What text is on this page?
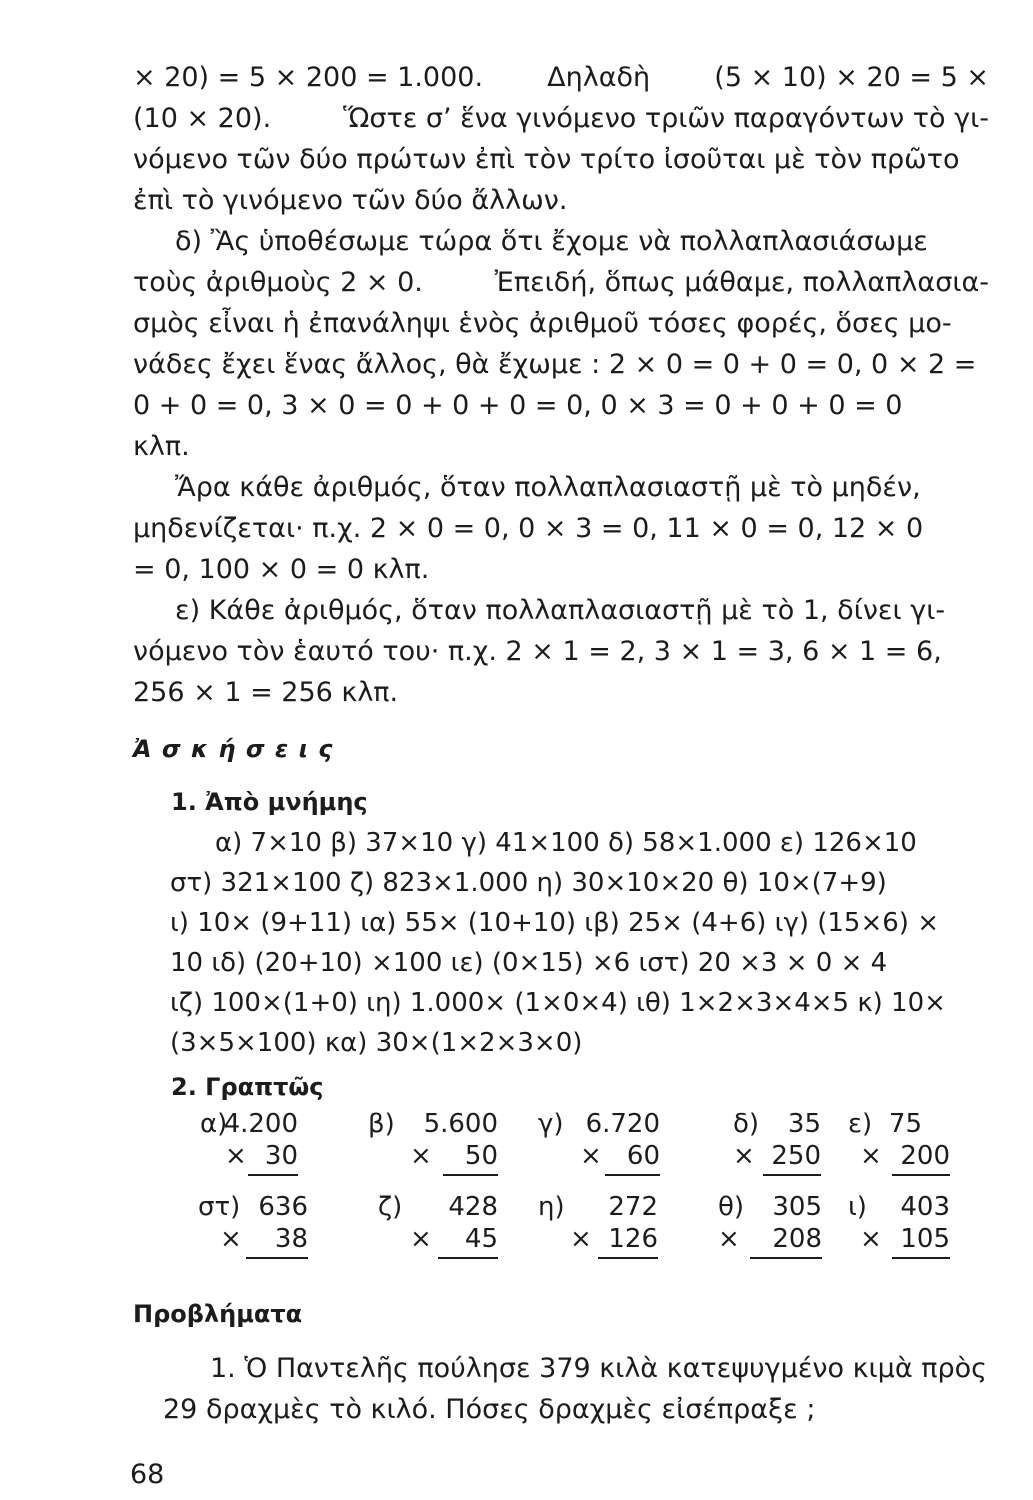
× 20) = 5 × 200 = 1.000. Δηλαδὴ (5 × 10) × 20 = 5 ×
(10 × 20).	Ὥστε σ’ ἕνα γινόμενο τριῶν παραγόντων τὸ γι-
νόμενο τῶν δύο πρώτων ἐπὶ τὸν τρίτο ἰσοῦται μὲ τὸν πρῶτο
ἐπὶ τὸ γινόμενο τῶν δύο ἄλλων.
δ) Ἂς ὑποθέσωμε τώρα ὅτι ἔχομε νὰ πολλαπλασιάσωμε
τοὺς ἀριθμοὺς 2 × 0.	Ἐπειδή, ὅπως μάθαμε, πολλαπλασια-
σμὸς εἶναι ἡ ἐπανάληψι ἑνὸς ἀριθμοῦ τόσες φορές, ὅσες μο-
νάδες ἔχει ἕνας ἄλλος, θὰ ἔχωμε : 2 × 0 = 0 + 0 = 0, 0 × 2 =
0 + 0 = 0, 3 × 0 = 0 + 0 + 0 = 0, 0 × 3 = 0 + 0 + 0 = 0
κλπ.
Ἄρα κάθε ἀριθμός, ὅταν πολλαπλασιαστῇ μὲ τὸ μηδέν,
μηδενίζεται· π.χ. 2 × 0 = 0, 0 × 3 = 0, 11 × 0 = 0, 12 × 0
= 0, 100 × 0 = 0 κλπ.
ε) Κάθε ἀριθμός, ὅταν πολλαπλασιαστῇ μὲ τὸ 1, δίνει γι-
νόμενο τὸν ἑαυτό του· π.χ. 2 × 1 = 2, 3 × 1 = 3, 6 × 1 = 6,
256 × 1 = 256 κλπ.
Ἀ σ κ ή σ ε ι ς
1. Ἀπὸ μνήμης
α) 7×10 β) 37×10 γ) 41×100 δ) 58×1.000 ε) 126×10
στ) 321×100 ζ) 823×1.000 η) 30×10×20 θ) 10×(7+9)
ι) 10× (9+11) ια) 55× (10+10) ιβ) 25× (4+6) ιγ) (15×6) ×
10 ιδ) (20+10) ×100 ιε) (0×15) ×6 ιστ) 20 ×3 × 0 × 4
ιζ) 100×(1+0) ιη) 1.000× (1×0×4) ιθ) 1×2×3×4×5 κ) 10×
(3×5×100) κα) 30×(1×2×3×0)
2. Γραπτῶς
α)
4.200
× 30
β) 5.600
×	50
γ) 6.720
× 60
δ) 35
× 250
ε) 75
× 200
στ) 636
×	38
ζ) 428
×	45
η) 272
× 126
θ) 305
×	208
ι) 403
× 105
Προβλήματα
1. Ὁ Παντελῆς πούλησε 379 κιλὰ κατεψυγμένο κιμὰ πρὸς
29 δραχμὲς τὸ κιλό. Πόσες δραχμὲς εἰσέπραξε ;
68
